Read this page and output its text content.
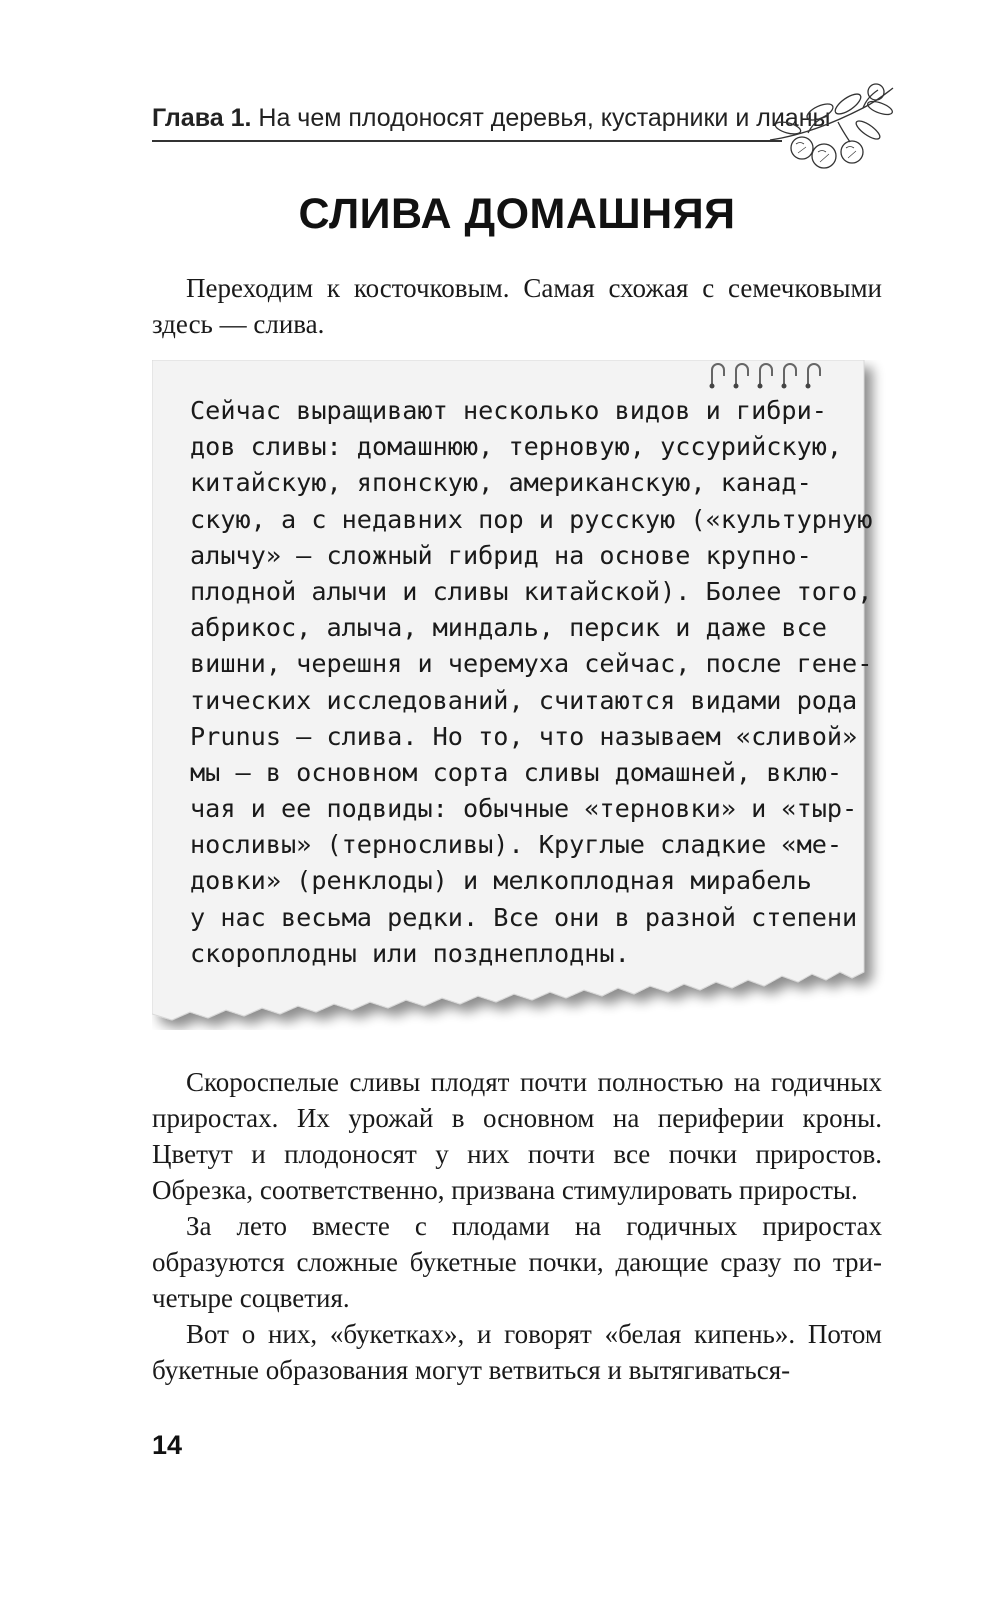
Глава 1. На чем плодоносят деревья, кустарники и лианы
СЛИВА ДОМАШНЯЯ

Переходим к косточковым. Самая схожая с семечковыми здесь — слива.

Сейчас выращивают несколько видов и гибри-
дов сливы: домашнюю, терновую, уссурийскую,
китайскую, японскую, американскую, канад-
скую, а с недавних пор и русскую («культурную
алычу» — сложный гибрид на основе крупно-
плодной алычи и сливы китайской). Более того,
абрикос, алыча, миндаль, персик и даже все
вишни, черешня и черемуха сейчас, после гене-
тических исследований, считаются видами рода
Prunus — слива. Но то, что называем «сливой»
мы — в основном сорта сливы домашней, вклю-
чая и ее подвиды: обычные «терновки» и «тыр-
носливы» (терносливы). Круглые сладкие «ме-
довки» (ренклоды) и мелкоплодная мирабель
у нас весьма редки. Все они в разной степени
скороплодны или позднеплодны.

Скороспелые сливы плодят почти полностью на годичных приростах. Их урожай в основном на периферии кроны. Цветут и плодоносят у них почти все почки приростов. Обрезка, соответственно, призвана стимулировать приросты.

За лето вместе с плодами на годичных приростах образуются сложные букетные почки, дающие сразу по три-четыре соцветия.

Вот о них, «букетках», и говорят «белая кипень». Потом букетные образования могут ветвиться и вытягиваться-

14
